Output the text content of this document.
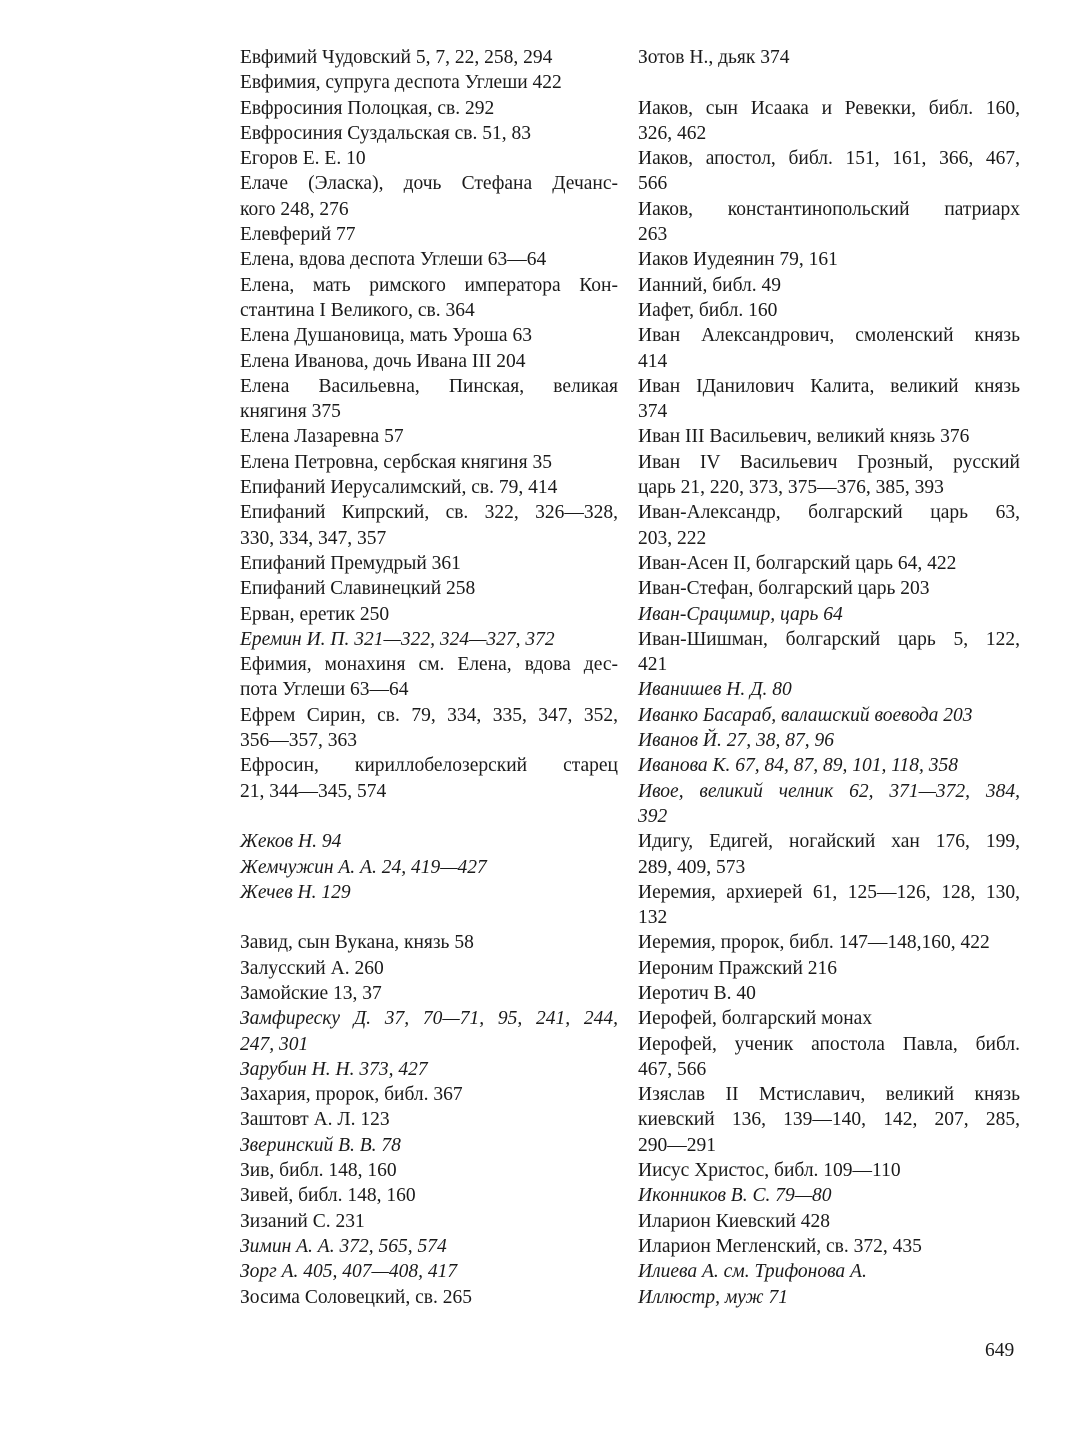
Евфимий Чудовский 5, 7, 22, 258, 294
Евфимия, супруга деспота Углеши 422
Евфросиния Полоцкая, св. 292
Евфросиния Суздальская св. 51, 83
Егоров Е. Е. 10
Елаче (Эласка), дочь Стефана Дечанс-
кого 248, 276
Елевферий 77
Елена, вдова деспота Углеши 63—64
Елена, мать римского императора Кон-
стантина I Великого, св. 364
Елена Душановица, мать Уроша 63
Елена Иванова, дочь Ивана III 204
Елена Васильевна, Пинская, великая
княгиня 375
Елена Лазаревна 57
Елена Петровна, сербская княгиня 35
Епифаний Иерусалимский, св. 79, 414
Епифаний Кипрский, св. 322, 326—328,
330, 334, 347, 357
Епифаний Премудрый 361
Епифаний Славинецкий 258
Ерван, еретик 250
Еремин И. П. 321—322, 324—327, 372
Ефимия, монахиня см. Елена, вдова дес-
пота Углеши 63—64
Ефрем Сирин, св. 79, 334, 335, 347, 352,
356—357, 363
Ефросин, кириллобелозерский старец
21, 344—345, 574
Жеков Н. 94
Жемчужин А. А. 24, 419—427
Жечев Н. 129
Завид, сын Вукана, князь 58
Залусский А. 260
Замойские 13, 37
Замфиреску Д. 37, 70—71, 95, 241, 244,
247, 301
Зарубин Н. Н. 373, 427
Захария, пророк, библ. 367
Заштовт А. Л. 123
Зверинский В. В. 78
Зив, библ. 148, 160
Зивей, библ. 148, 160
Зизаний С. 231
Зимин А. А. 372, 565, 574
Зорг А. 405, 407—408, 417
Зосима Соловецкий, св. 265
Зотов Н., дьяк 374
Иаков, сын Исаака и Ревекки, библ. 160,
326, 462
Иаков, апостол, библ. 151, 161, 366, 467,
566
Иаков, константинопольский патриарх
263
Иаков Иудеянин 79, 161
Ианний, библ. 49
Иафет, библ. 160
Иван Александрович, смоленский князь
414
Иван IДанилович Калита, великий князь
374
Иван III Васильевич, великий князь 376
Иван IV Васильевич Грозный, русский
царь 21, 220, 373, 375—376, 385, 393
Иван-Александр, болгарский царь 63,
203, 222
Иван-Асен II, болгарский царь 64, 422
Иван-Стефан, болгарский царь 203
Иван-Срацимир, царь 64
Иван-Шишман, болгарский царь 5, 122,
421
Иванишев Н. Д. 80
Иванко Басараб, валашский воевода 203
Иванов Й. 27, 38, 87, 96
Иванова К. 67, 84, 87, 89, 101, 118, 358
Ивое, великий челник 62, 371—372, 384,
392
Идигу, Едигей, ногайский хан 176, 199,
289, 409, 573
Иеремия, архиерей 61, 125—126, 128, 130,
132
Иеремия, пророк, библ. 147—148,160, 422
Иероним Пражский 216
Иеротич В. 40
Иерофей, болгарский монах
Иерофей, ученик апостола Павла, библ.
467, 566
Изяслав II Мстиславич, великий князь
киевский 136, 139—140, 142, 207, 285,
290—291
Иисус Христос, библ. 109—110
Иконников В. С. 79—80
Иларион Киевский 428
Иларион Мегленский, св. 372, 435
Илиева А. см. Трифонова А.
Иллюстр, муж 71
649
